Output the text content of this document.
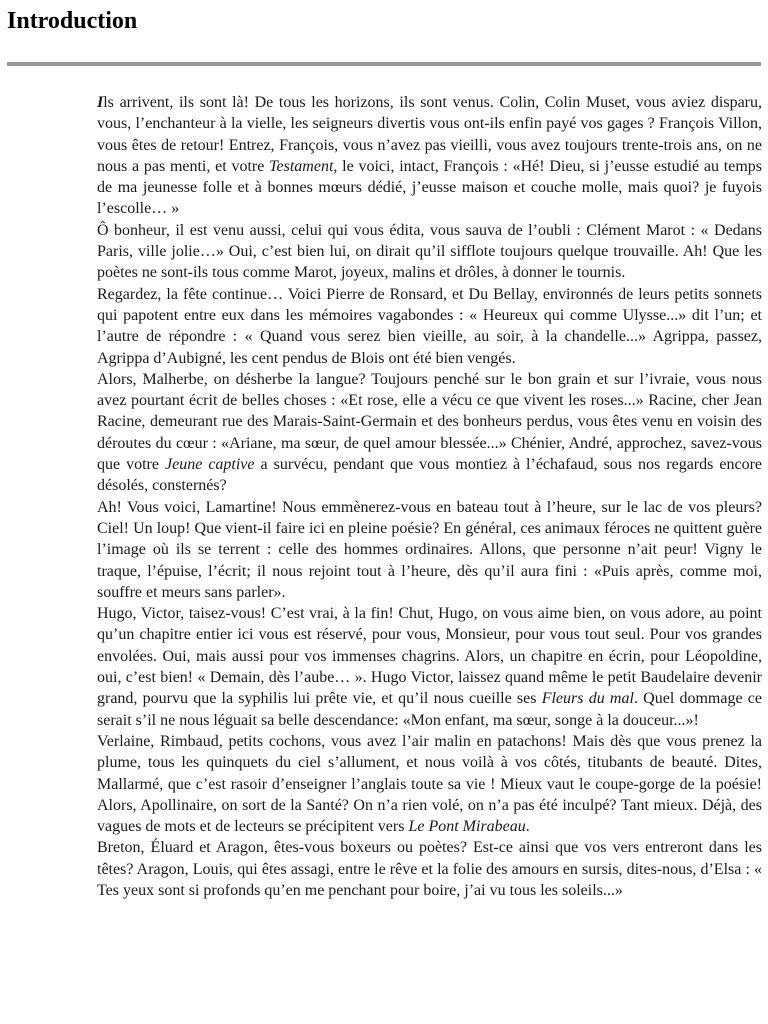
Introduction

Ils arrivent, ils sont là! De tous les horizons, ils sont venus. Colin, Colin Muset, vous aviez disparu, vous, l’enchanteur à la vielle, les seigneurs divertis vous ont-ils enfin payé vos gages ? François Villon, vous êtes de retour! Entrez, François, vous n’avez pas vieilli, vous avez toujours trente-trois ans, on ne nous a pas menti, et votre Testament, le voici, intact, François : «Hé! Dieu, si j’eusse estudié au temps de ma jeunesse folle et à bonnes mœurs dédié, j’eusse maison et couche molle, mais quoi? je fuyois l’escolle… »

Ô bonheur, il est venu aussi, celui qui vous édita, vous sauva de l’oubli : Clément Marot : « Dedans Paris, ville jolie…» Oui, c’est bien lui, on dirait qu’il sifflote toujours quelque trouvaille. Ah! Que les poètes ne sont-ils tous comme Marot, joyeux, malins et drôles, à donner le tournis.

Regardez, la fête continue… Voici Pierre de Ronsard, et Du Bellay, environnés de leurs petits sonnets qui papotent entre eux dans les mémoires vagabondes : « Heureux qui comme Ulysse...» dit l’un; et l’autre de répondre : « Quand vous serez bien vieille, au soir, à la chandelle...» Agrippa, passez, Agrippa d’Aubigné, les cent pendus de Blois ont été bien vengés.

Alors, Malherbe, on désherbe la langue? Toujours penché sur le bon grain et sur l’ivraie, vous nous avez pourtant écrit de belles choses : «Et rose, elle a vécu ce que vivent les roses...» Racine, cher Jean Racine, demeurant rue des Marais-Saint-Germain et des bonheurs perdus, vous êtes venu en voisin des déroutes du cœur : «Ariane, ma sœur, de quel amour blessée...» Chénier, André, approchez, savez-vous que votre Jeune captive a survécu, pendant que vous montiez à l’échafaud, sous nos regards encore désolés, consternés?

Ah! Vous voici, Lamartine! Nous emmènerez-vous en bateau tout à l’heure, sur le lac de vos pleurs? Ciel! Un loup! Que vient-il faire ici en pleine poésie? En général, ces animaux féroces ne quittent guère l’image où ils se terrent : celle des hommes ordinaires. Allons, que personne n’ait peur! Vigny le traque, l’épuise, l’écrit; il nous rejoint tout à l’heure, dès qu’il aura fini : «Puis après, comme moi, souffre et meurs sans parler».

Hugo, Victor, taisez-vous! C’est vrai, à la fin! Chut, Hugo, on vous aime bien, on vous adore, au point qu’un chapitre entier ici vous est réservé, pour vous, Monsieur, pour vous tout seul. Pour vos grandes envolées. Oui, mais aussi pour vos immenses chagrins. Alors, un chapitre en écrin, pour Léopoldine, oui, c’est bien! « Demain, dès l’aube… ». Hugo Victor, laissez quand même le petit Baudelaire devenir grand, pourvu que la syphilis lui prête vie, et qu’il nous cueille ses Fleurs du mal. Quel dommage ce serait s’il ne nous léguait sa belle descendance: «Mon enfant, ma sœur, songe à la douceur...»!

Verlaine, Rimbaud, petits cochons, vous avez l’air malin en patachons! Mais dès que vous prenez la plume, tous les quinquets du ciel s’allument, et nous voilà à vos côtés, titubants de beauté. Dites, Mallarmé, que c’est rasoir d’enseigner l’anglais toute sa vie ! Mieux vaut le coupe-gorge de la poésie! Alors, Apollinaire, on sort de la Santé? On n’a rien volé, on n’a pas été inculpé? Tant mieux. Déjà, des vagues de mots et de lecteurs se précipitent vers Le Pont Mirabeau.

Breton, Éluard et Aragon, êtes-vous boxeurs ou poètes? Est-ce ainsi que vos vers entreront dans les têtes? Aragon, Louis, qui êtes assagi, entre le rêve et la folie des amours en sursis, dites-nous, d’Elsa : « Tes yeux sont si profonds qu’en me penchant pour boire, j’ai vu tous les soleils...»
